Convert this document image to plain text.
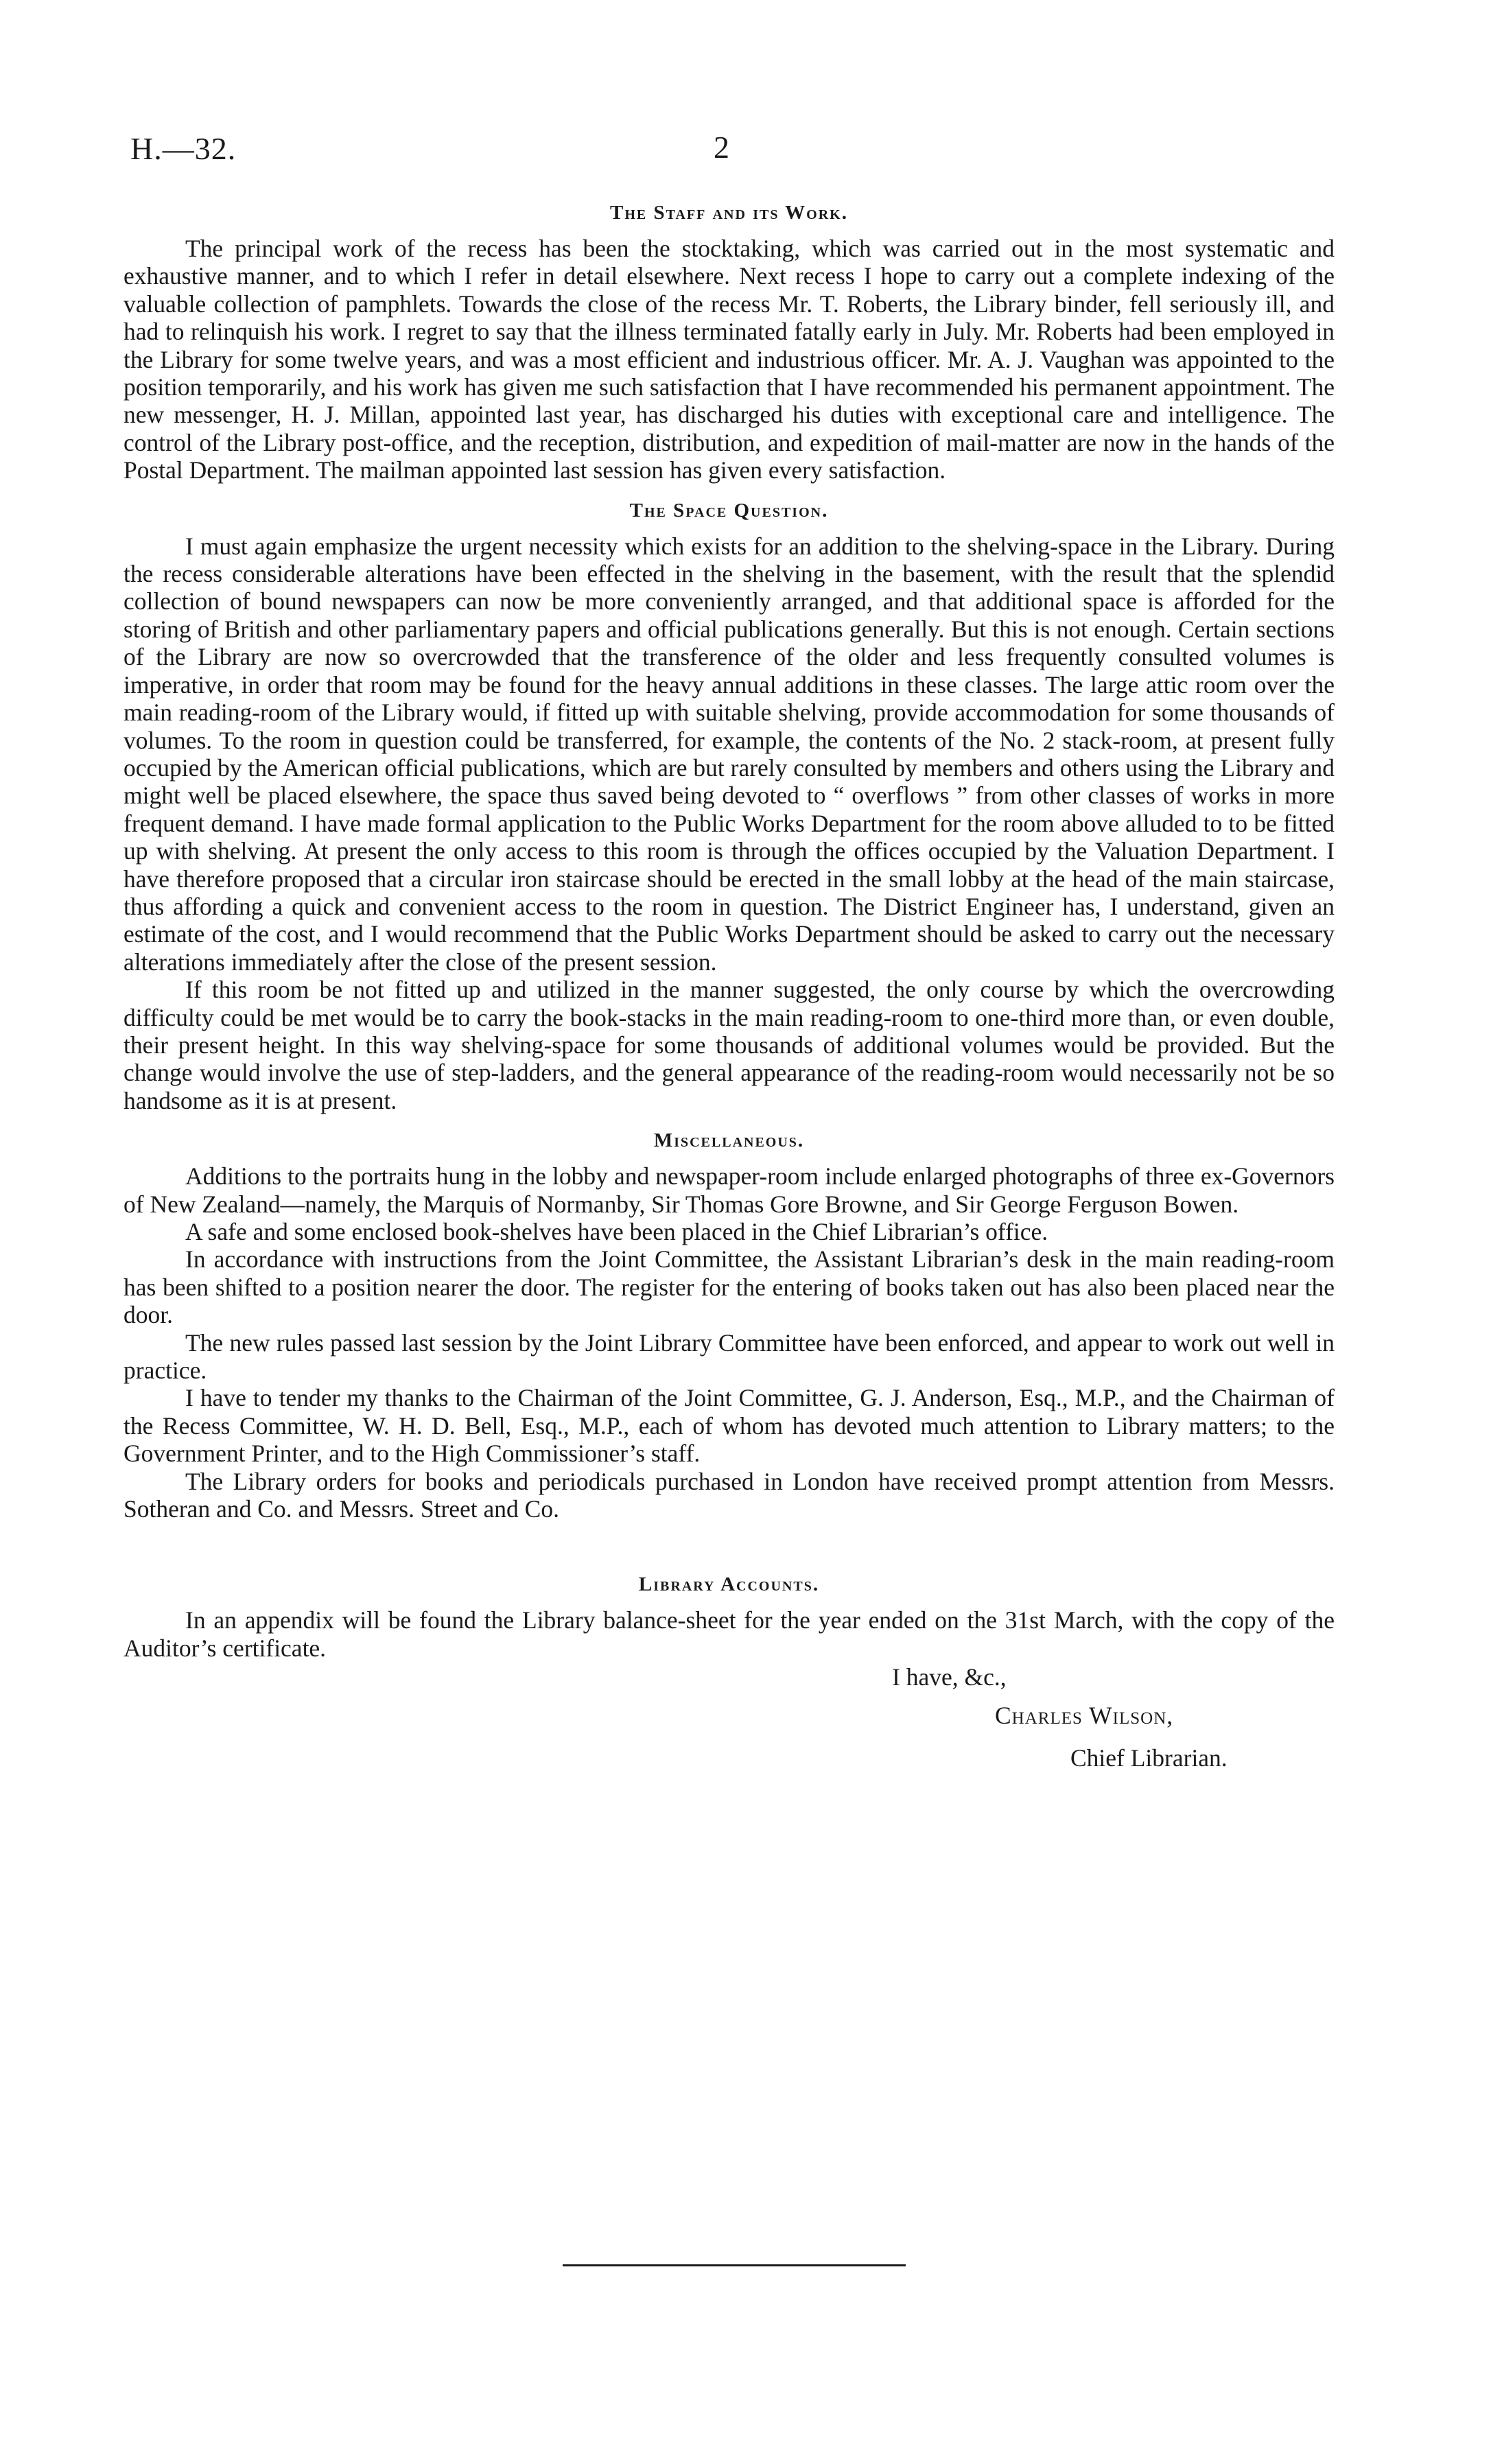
H.—32.	2
The Staff and its Work.

The principal work of the recess has been the stocktaking, which was carried out in the most systematic and exhaustive manner, and to which I refer in detail elsewhere. Next recess I hope to carry out a complete indexing of the valuable collection of pamphlets. Towards the close of the recess Mr. T. Roberts, the Library binder, fell seriously ill, and had to relinquish his work. I regret to say that the illness terminated fatally early in July. Mr. Roberts had been employed in the Library for some twelve years, and was a most efficient and industrious officer. Mr. A. J. Vaughan was appointed to the position temporarily, and his work has given me such satisfaction that I have recommended his permanent appointment. The new messenger, H. J. Millan, appointed last year, has discharged his duties with exceptional care and intelligence. The control of the Library post-office, and the reception, distribution, and expedition of mail-matter are now in the hands of the Postal Department. The mailman appointed last session has given every satisfaction.

The Space Question.

I must again emphasize the urgent necessity which exists for an addition to the shelving-space in the Library. During the recess considerable alterations have been effected in the shelving in the basement, with the result that the splendid collection of bound newspapers can now be more conveniently arranged, and that additional space is afforded for the storing of British and other parliamentary papers and official publications generally. But this is not enough. Certain sections of the Library are now so overcrowded that the transference of the older and less frequently consulted volumes is imperative, in order that room may be found for the heavy annual additions in these classes. The large attic room over the main reading-room of the Library would, if fitted up with suitable shelving, provide accommodation for some thousands of volumes. To the room in question could be transferred, for example, the contents of the No. 2 stack-room, at present fully occupied by the American official publications, which are but rarely consulted by members and others using the Library and might well be placed elsewhere, the space thus saved being devoted to “ overflows ” from other classes of works in more frequent demand. I have made formal application to the Public Works Department for the room above alluded to to be fitted up with shelving. At present the only access to this room is through the offices occupied by the Valuation Department. I have therefore proposed that a circular iron staircase should be erected in the small lobby at the head of the main staircase, thus affording a quick and convenient access to the room in question. The District Engineer has, I understand, given an estimate of the cost, and I would recommend that the Public Works Department should be asked to carry out the necessary alterations immediately after the close of the present session.

If this room be not fitted up and utilized in the manner suggested, the only course by which the overcrowding difficulty could be met would be to carry the book-stacks in the main reading-room to one-third more than, or even double, their present height. In this way shelving-space for some thousands of additional volumes would be provided. But the change would involve the use of step-ladders, and the general appearance of the reading-room would necessarily not be so handsome as it is at present.

Miscellaneous.

Additions to the portraits hung in the lobby and newspaper-room include enlarged photographs of three ex-Governors of New Zealand—namely, the Marquis of Normanby, Sir Thomas Gore Browne, and Sir George Ferguson Bowen.

A safe and some enclosed book-shelves have been placed in the Chief Librarian’s office.

In accordance with instructions from the Joint Committee, the Assistant Librarian’s desk in the main reading-room has been shifted to a position nearer the door. The register for the entering of books taken out has also been placed near the door.

The new rules passed last session by the Joint Library Committee have been enforced, and appear to work out well in practice.

I have to tender my thanks to the Chairman of the Joint Committee, G. J. Anderson, Esq., M.P., and the Chairman of the Recess Committee, W. H. D. Bell, Esq., M.P., each of whom has devoted much attention to Library matters; to the Government Printer, and to the High Commissioner’s staff.

The Library orders for books and periodicals purchased in London have received prompt attention from Messrs. Sotheran and Co. and Messrs. Street and Co.

Library Accounts.

In an appendix will be found the Library balance-sheet for the year ended on the 31st March, with the copy of the Auditor’s certificate.

I have, &c.,
Charles Wilson,
Chief Librarian.
